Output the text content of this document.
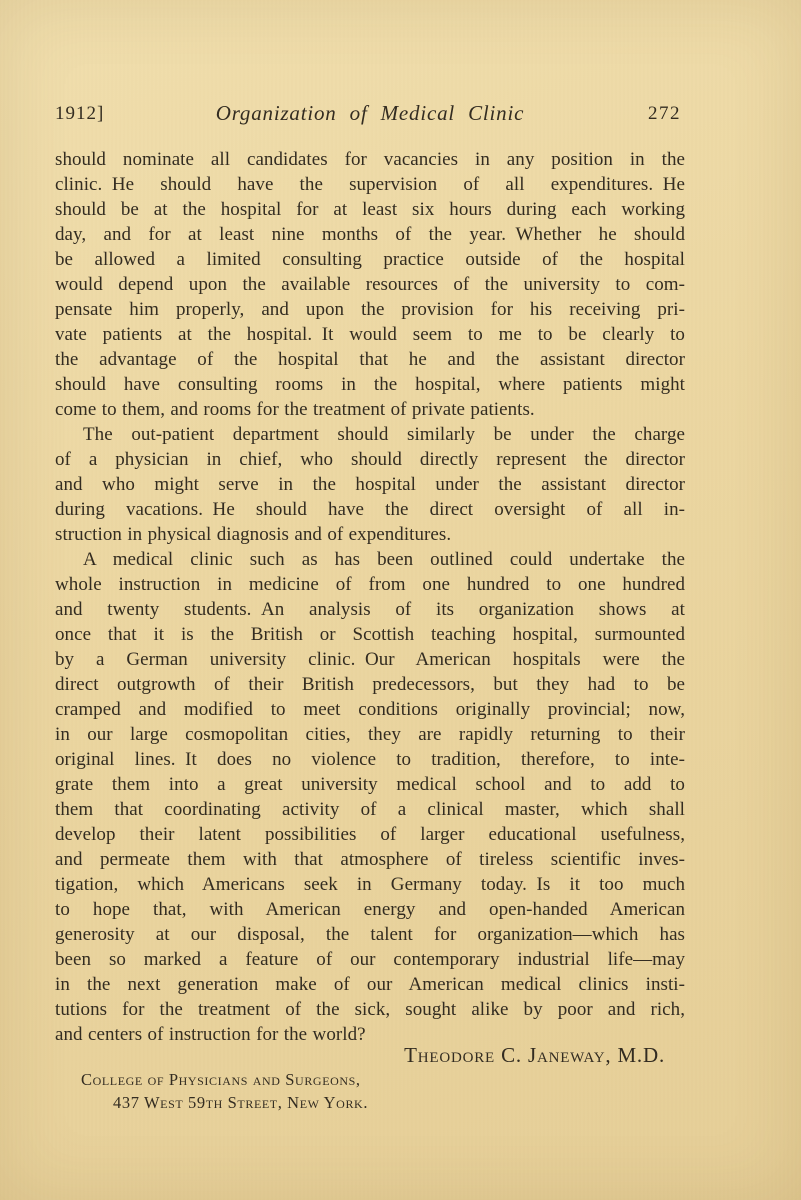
1912]	Organization of Medical Clinic	272
should nominate all candidates for vacancies in any position in the
clinic. He should have the supervision of all expenditures. He
should be at the hospital for at least six hours during each working
day, and for at least nine months of the year. Whether he should
be allowed a limited consulting practice outside of the hospital
would depend upon the available resources of the university to com-
pensate him properly, and upon the provision for his receiving pri-
vate patients at the hospital. It would seem to me to be clearly to
the advantage of the hospital that he and the assistant director
should have consulting rooms in the hospital, where patients might
come to them, and rooms for the treatment of private patients.
The out-patient department should similarly be under the charge
of a physician in chief, who should directly represent the director
and who might serve in the hospital under the assistant director
during vacations. He should have the direct oversight of all in-
struction in physical diagnosis and of expenditures.
A medical clinic such as has been outlined could undertake the
whole instruction in medicine of from one hundred to one hundred
and twenty students. An analysis of its organization shows at
once that it is the British or Scottish teaching hospital, surmounted
by a German university clinic. Our American hospitals were the
direct outgrowth of their British predecessors, but they had to be
cramped and modified to meet conditions originally provincial; now,
in our large cosmopolitan cities, they are rapidly returning to their
original lines. It does no violence to tradition, therefore, to inte-
grate them into a great university medical school and to add to
them that coordinating activity of a clinical master, which shall
develop their latent possibilities of larger educational usefulness,
and permeate them with that atmosphere of tireless scientific inves-
tigation, which Americans seek in Germany today. Is it too much
to hope that, with American energy and open-handed American
generosity at our disposal, the talent for organization—which has
been so marked a feature of our contemporary industrial life—may
in the next generation make of our American medical clinics insti-
tutions for the treatment of the sick, sought alike by poor and rich,
and centers of instruction for the world?
Theodore C. Janeway, M.D.
College of Physicians and Surgeons,
437 West 59th Street, New York.
